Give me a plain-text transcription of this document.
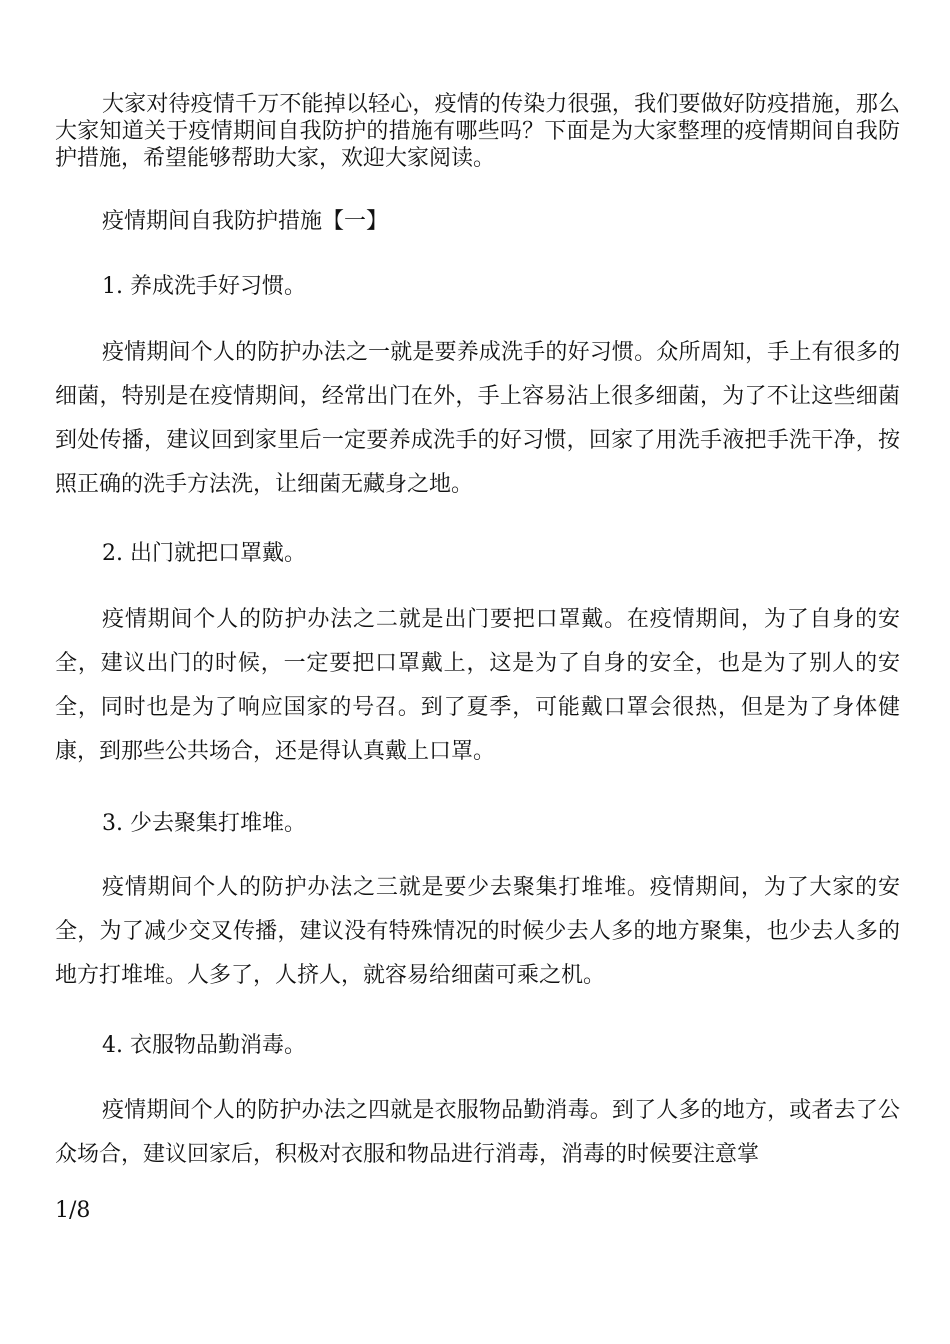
大家对待疫情千万不能掉以轻心，疫情的传染力很强，我们要做好防疫措施，那么大家知道关于疫情期间自我防护的措施有哪些吗？下面是为大家整理的疫情期间自我防护措施，希望能够帮助大家，欢迎大家阅读。

疫情期间自我防护措施【一】

1. 养成洗手好习惯。

疫情期间个人的防护办法之一就是要养成洗手的好习惯。众所周知，手上有很多的细菌，特别是在疫情期间，经常出门在外，手上容易沾上很多细菌，为了不让这些细菌到处传播，建议回到家里后一定要养成洗手的好习惯，回家了用洗手液把手洗干净，按照正确的洗手方法洗，让细菌无藏身之地。

2. 出门就把口罩戴。

疫情期间个人的防护办法之二就是出门要把口罩戴。在疫情期间，为了自身的安全，建议出门的时候，一定要把口罩戴上，这是为了自身的安全，也是为了别人的安全，同时也是为了响应国家的号召。到了夏季，可能戴口罩会很热，但是为了身体健康，到那些公共场合，还是得认真戴上口罩。

3. 少去聚集打堆堆。

疫情期间个人的防护办法之三就是要少去聚集打堆堆。疫情期间，为了大家的安全，为了减少交叉传播，建议没有特殊情况的时候少去人多的地方聚集，也少去人多的地方打堆堆。人多了，人挤人，就容易给细菌可乘之机。

4. 衣服物品勤消毒。

疫情期间个人的防护办法之四就是衣服物品勤消毒。到了人多的地方，或者去了公众场合，建议回家后，积极对衣服和物品进行消毒，消毒的时候要注意掌

1/8
